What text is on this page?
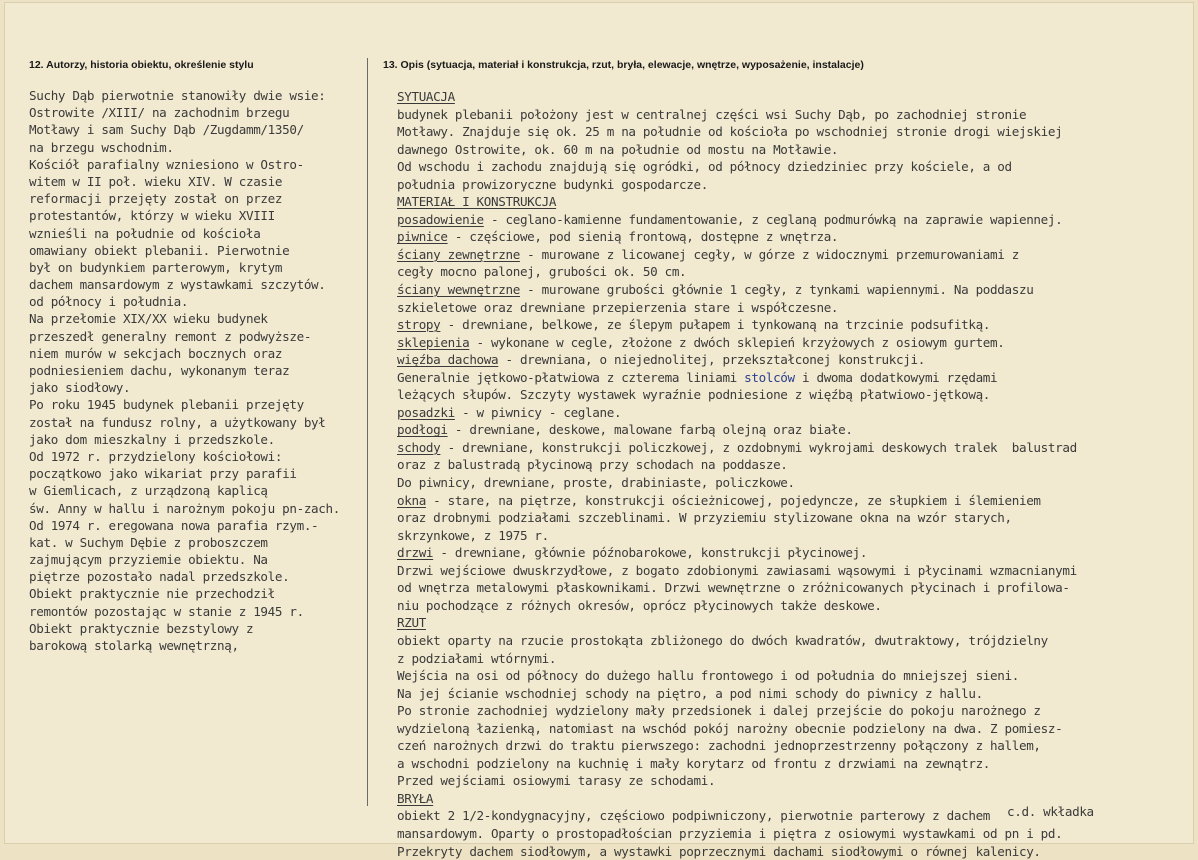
12. Autorzy, historia obiektu, określenie stylu	13. Opis (sytuacja, materiał i konstrukcja, rzut, bryła, elewacje, wnętrze, wyposażenie, instalacje)
Suchy Dąb pierwotnie stanowiły dwie wsie:
Ostrowite /XIII/ na zachodnim brzegu
Motławy i sam Suchy Dąb /Zugdamm/1350/
na brzegu wschodnim.
Kościół parafialny wzniesiono w Ostro-
witem w II poł. wieku XIV. W czasie
reformacji przejęty został on przez
protestantów, którzy w wieku XVIII
wznieśli na południe od kościoła
omawiany obiekt plebanii. Pierwotnie
był on budynkiem parterowym, krytym
dachem mansardowym z wystawkami szczytów.
od północy i południa.
Na przełomie XIX/XX wieku budynek
przeszedł generalny remont z podwyższe-
niem murów w sekcjach bocznych oraz
podniesieniem dachu, wykonanym teraz
jako siodłowy.
Po roku 1945 budynek plebanii przejęty
został na fundusz rolny, a użytkowany był
jako dom mieszkalny i przedszkole.
Od 1972 r. przydzielony kościołowi:
początkowo jako wikariat przy parafii
w Giemlicach, z urządzoną kaplicą
św. Anny w hallu i narożnym pokoju pn-zach.
Od 1974 r. eregowana nowa parafia rzym.-
kat. w Suchym Dębie z proboszczem
zajmującym przyziemie obiektu. Na
piętrze pozostało nadal przedszkole.
Obiekt praktycznie nie przechodził
remontów pozostając w stanie z 1945 r.
Obiekt praktycznie bezstylowy z
barokową stolarką wewnętrzną,
SYTUACJA
budynek plebanii położony jest w centralnej części wsi Suchy Dąb, po zachodniej stronie
Motławy. Znajduje się ok. 25 m na południe od kościoła po wschodniej stronie drogi wiejskiej
dawnego Ostrowite, ok. 60 m na południe od mostu na Motławie.
Od wschodu i zachodu znajdują się ogródki, od północy dziedziniec przy kościele, a od
południa prowizoryczne budynki gospodarcze.
MATERIAŁ I KONSTRUKCJA
posadowienie - ceglano-kamienne fundamentowanie, z ceglaną podmurówką na zaprawie wapiennej.
piwnice - częściowe, pod sienią frontową, dostępne z wnętrza.
ściany zewnętrzne - murowane z licowanej cegły, w górze z widocznymi przemurowaniami z
cegły mocno palonej, grubości ok. 50 cm.
ściany wewnętrzne - murowane grubości głównie 1 cegły, z tynkami wapiennymi. Na poddaszu
szkieletowe oraz drewniane przepierzenia stare i współczesne.
stropy - drewniane, belkowe, ze ślepym pułapem i tynkowaną na trzcinie podsufitką.
sklepienia - wykonane w cegle, złożone z dwóch sklepień krzyżowych z osiowym gurtem.
więźba dachowa - drewniana, o niejednolitej, przekształconej konstrukcji.
Generalnie jętkowo-płatwiowa z czterema liniami stolców i dwoma dodatkowymi rzędami
leżących słupów. Szczyty wystawek wyraźnie podniesione z więźbą płatwiowo-jętkową.
posadzki - w piwnicy - ceglane.
podłogi - drewniane, deskowe, malowane farbą olejną oraz białe.
schody - drewniane, konstrukcji policzkowej, z ozdobnymi wykrojami deskowych tralek  balustrad
oraz z balustradą płycinową przy schodach na poddasze.
Do piwnicy, drewniane, proste, drabiniaste, policzkowe.
okna - stare, na piętrze, konstrukcji ościeżnicowej, pojedyncze, ze słupkiem i ślemieniem
oraz drobnymi podziałami szczeblinami. W przyziemiu stylizowane okna na wzór starych,
skrzynkowe, z 1975 r.
drzwi - drewniane, głównie późnobarokowe, konstrukcji płycinowej.
Drzwi wejściowe dwuskrzydłowe, z bogato zdobionymi zawiasami wąsowymi i płycinami wzmacnianymi
od wnętrza metalowymi płaskownikami. Drzwi wewnętrzne o zróżnicowanych płycinach i profilowa-
niu pochodzące z różnych okresów, oprócz płycinowych także deskowe.
RZUT
obiekt oparty na rzucie prostokąta zbliżonego do dwóch kwadratów, dwutraktowy, trójdzielny
z podziałami wtórnymi.
Wejścia na osi od północy do dużego hallu frontowego i od południa do mniejszej sieni.
Na jej ścianie wschodniej schody na piętro, a pod nimi schody do piwnicy z hallu.
Po stronie zachodniej wydzielony mały przedsionek i dalej przejście do pokoju narożnego z
wydzieloną łazienką, natomiast na wschód pokój narożny obecnie podzielony na dwa. Z pomiesz-
czeń narożnych drzwi do traktu pierwszego: zachodni jednoprzestrzenny połączony z hallem,
a wschodni podzielony na kuchnię i mały korytarz od frontu z drzwiami na zewnątrz.
Przed wejściami osiowymi tarasy ze schodami.
BRYŁA
obiekt 2 1/2-kondygnacyjny, częściowo podpiwniczony, pierwotnie parterowy z dachem
mansardowym. Oparty o prostopadłościan przyziemia i piętra z osiowymi wystawkami od pn i pd.
Przekryty dachem siodłowym, a wystawki poprzecznymi dachami siodłowymi o równej kalenicy.
c.d. wkładka
